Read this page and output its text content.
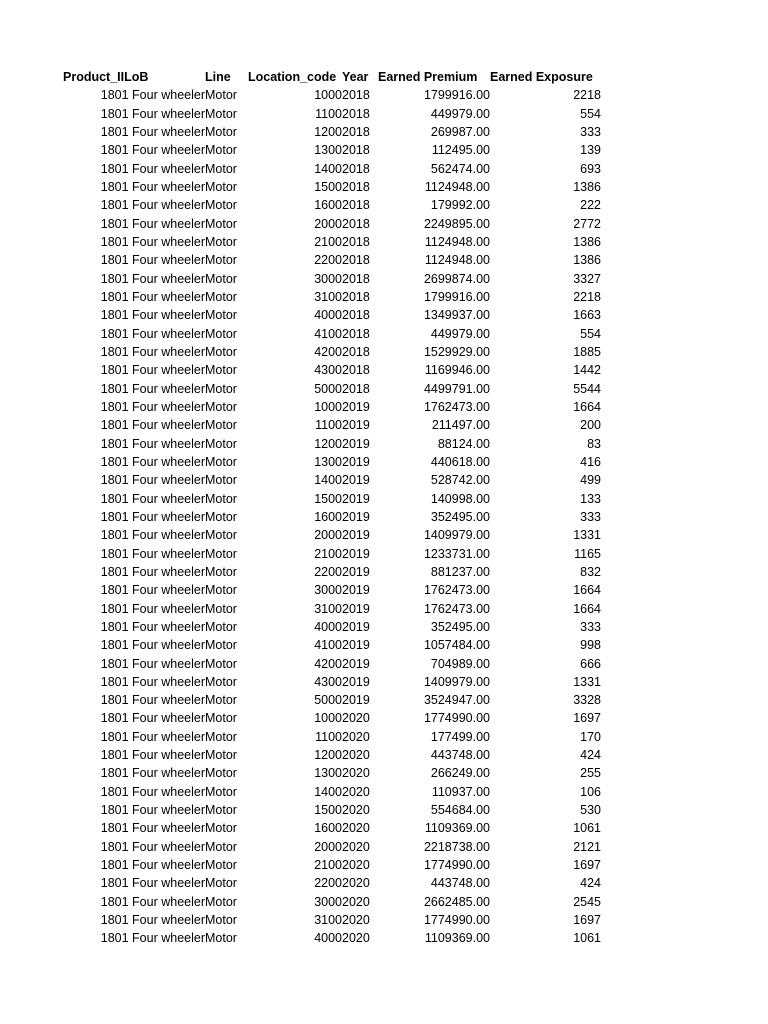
Product_IILoB	Line	Location_code	Year	Earned Premium	Earned Exposure
1801 Four wheeler	Motor	1000	2018	1799916.00	2218
1801 Four wheeler	Motor	1100	2018	449979.00	554
1801 Four wheeler	Motor	1200	2018	269987.00	333
1801 Four wheeler	Motor	1300	2018	112495.00	139
1801 Four wheeler	Motor	1400	2018	562474.00	693
1801 Four wheeler	Motor	1500	2018	1124948.00	1386
1801 Four wheeler	Motor	1600	2018	179992.00	222
1801 Four wheeler	Motor	2000	2018	2249895.00	2772
1801 Four wheeler	Motor	2100	2018	1124948.00	1386
1801 Four wheeler	Motor	2200	2018	1124948.00	1386
1801 Four wheeler	Motor	3000	2018	2699874.00	3327
1801 Four wheeler	Motor	3100	2018	1799916.00	2218
1801 Four wheeler	Motor	4000	2018	1349937.00	1663
1801 Four wheeler	Motor	4100	2018	449979.00	554
1801 Four wheeler	Motor	4200	2018	1529929.00	1885
1801 Four wheeler	Motor	4300	2018	1169946.00	1442
1801 Four wheeler	Motor	5000	2018	4499791.00	5544
1801 Four wheeler	Motor	1000	2019	1762473.00	1664
1801 Four wheeler	Motor	1100	2019	211497.00	200
1801 Four wheeler	Motor	1200	2019	88124.00	83
1801 Four wheeler	Motor	1300	2019	440618.00	416
1801 Four wheeler	Motor	1400	2019	528742.00	499
1801 Four wheeler	Motor	1500	2019	140998.00	133
1801 Four wheeler	Motor	1600	2019	352495.00	333
1801 Four wheeler	Motor	2000	2019	1409979.00	1331
1801 Four wheeler	Motor	2100	2019	1233731.00	1165
1801 Four wheeler	Motor	2200	2019	881237.00	832
1801 Four wheeler	Motor	3000	2019	1762473.00	1664
1801 Four wheeler	Motor	3100	2019	1762473.00	1664
1801 Four wheeler	Motor	4000	2019	352495.00	333
1801 Four wheeler	Motor	4100	2019	1057484.00	998
1801 Four wheeler	Motor	4200	2019	704989.00	666
1801 Four wheeler	Motor	4300	2019	1409979.00	1331
1801 Four wheeler	Motor	5000	2019	3524947.00	3328
1801 Four wheeler	Motor	1000	2020	1774990.00	1697
1801 Four wheeler	Motor	1100	2020	177499.00	170
1801 Four wheeler	Motor	1200	2020	443748.00	424
1801 Four wheeler	Motor	1300	2020	266249.00	255
1801 Four wheeler	Motor	1400	2020	110937.00	106
1801 Four wheeler	Motor	1500	2020	554684.00	530
1801 Four wheeler	Motor	1600	2020	1109369.00	1061
1801 Four wheeler	Motor	2000	2020	2218738.00	2121
1801 Four wheeler	Motor	2100	2020	1774990.00	1697
1801 Four wheeler	Motor	2200	2020	443748.00	424
1801 Four wheeler	Motor	3000	2020	2662485.00	2545
1801 Four wheeler	Motor	3100	2020	1774990.00	1697
1801 Four wheeler	Motor	4000	2020	1109369.00	1061
